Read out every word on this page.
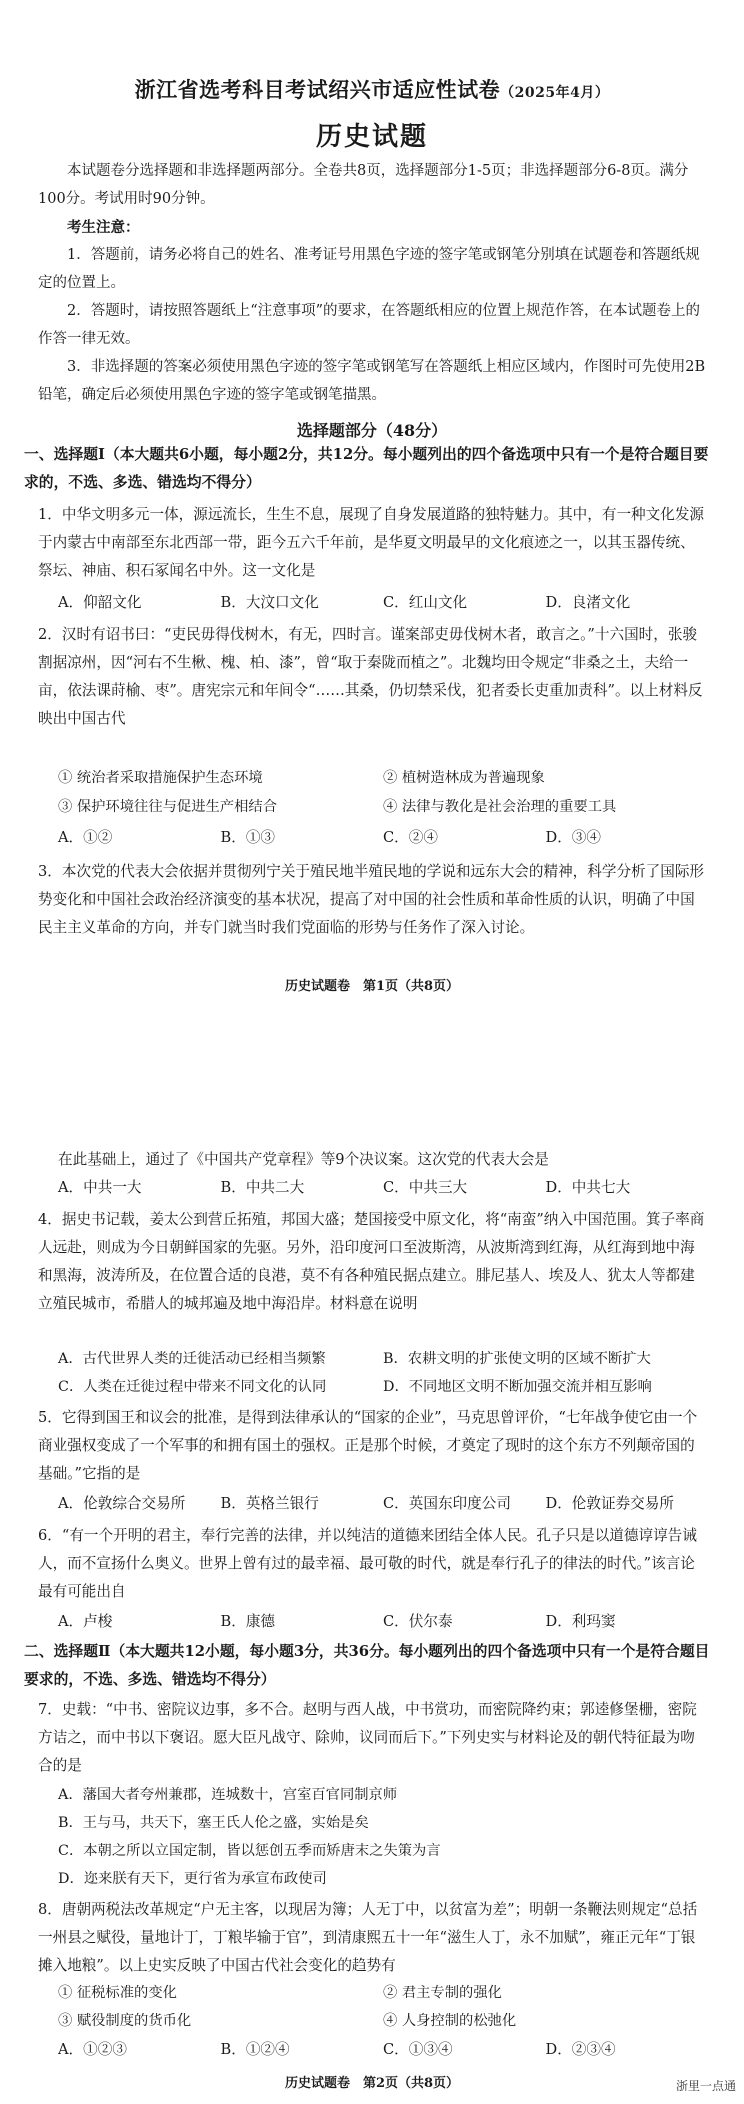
浙江省选考科目考试绍兴市适应性试卷（2025年4月）
历史试题
本试题卷分选择题和非选择题两部分。全卷共8页，选择题部分1-5页；非选择题部分6-8页。满分100分。考试用时90分钟。
考生注意：
1．答题前，请务必将自己的姓名、准考证号用黑色字迹的签字笔或钢笔分别填在试题卷和答题纸规定的位置上。
2．答题时，请按照答题纸上“注意事项”的要求，在答题纸相应的位置上规范作答，在本试题卷上的作答一律无效。
3．非选择题的答案必须使用黑色字迹的签字笔或钢笔写在答题纸上相应区域内，作图时可先使用2B铅笔，确定后必须使用黑色字迹的签字笔或钢笔描黑。
选择题部分（48分）
一、选择题Ⅰ（本大题共6小题，每小题2分，共12分。每小题列出的四个备选项中只有一个是符合题目要求的，不选、多选、错选均不得分）
1．中华文明多元一体，源远流长，生生不息，展现了自身发展道路的独特魅力。其中，有一种文化发源于内蒙古中南部至东北西部一带，距今五六千年前，是华夏文明最早的文化痕迹之一，以其玉器传统、祭坛、神庙、积石冢闻名中外。这一文化是
A．仰韶文化	B．大汶口文化	C．红山文化	D．良渚文化
2．汉时有诏书曰：“吏民毋得伐树木，有无，四时言。谨案部吏毋伐树木者，敢言之。”十六国时，张骏割据凉州，因“河右不生楸、槐、柏、漆”，曾“取于秦陇而植之”。北魏均田令规定“非桑之土，夫给一亩，依法课莳榆、枣”。唐宪宗元和年间令“……其桑，仍切禁采伐，犯者委长吏重加责科”。以上材料反映出中国古代
① 统治者采取措施保护生态环境	② 植树造林成为普遍现象
③ 保护环境往往与促进生产相结合	④ 法律与教化是社会治理的重要工具
A．①②	B．①③	C．②④	D．③④
3．本次党的代表大会依据并贯彻列宁关于殖民地半殖民地的学说和远东大会的精神，科学分析了国际形势变化和中国社会政治经济演变的基本状况，提高了对中国的社会性质和革命性质的认识，明确了中国民主主义革命的方向，并专门就当时我们党面临的形势与任务作了深入讨论。
历史试题卷　第1页（共8页）
在此基础上，通过了《中国共产党章程》等9个决议案。这次党的代表大会是
A．中共一大	B．中共二大	C．中共三大	D．中共七大
4．据史书记载，姜太公到营丘拓殖，邦国大盛；楚国接受中原文化，将“南蛮”纳入中国范围。箕子率商人远赴，则成为今日朝鲜国家的先驱。另外，沿印度河口至波斯湾，从波斯湾到红海，从红海到地中海和黑海，波涛所及，在位置合适的良港，莫不有各种殖民据点建立。腓尼基人、埃及人、犹太人等都建立殖民城市，希腊人的城邦遍及地中海沿岸。材料意在说明
A．古代世界人类的迁徙活动已经相当频繁	B．农耕文明的扩张使文明的区域不断扩大
C．人类在迁徙过程中带来不同文化的认同	D．不同地区文明不断加强交流并相互影响
5．它得到国王和议会的批准，是得到法律承认的“国家的企业”，马克思曾评价，“七年战争使它由一个商业强权变成了一个军事的和拥有国土的强权。正是那个时候，才奠定了现时的这个东方不列颠帝国的基础。”它指的是
A．伦敦综合交易所	B．英格兰银行	C．英国东印度公司	D．伦敦证券交易所
6．“有一个开明的君主，奉行完善的法律，并以纯洁的道德来团结全体人民。孔子只是以道德谆谆告诫人，而不宣扬什么奥义。世界上曾有过的最幸福、最可敬的时代，就是奉行孔子的律法的时代。”该言论最有可能出自
A．卢梭	B．康德	C．伏尔泰	D．利玛窦
二、选择题Ⅱ（本大题共12小题，每小题3分，共36分。每小题列出的四个备选项中只有一个是符合题目要求的，不选、多选、错选均不得分）
7．史载：“中书、密院议边事，多不合。赵明与西人战，中书赏功，而密院降约束；郭逵修堡栅，密院方诘之，而中书以下褒诏。愿大臣凡战守、除帅，议同而后下。”下列史实与材料论及的朝代特征最为吻合的是
A．藩国大者夸州兼郡，连城数十，宫室百官同制京师
B．王与马，共天下，塞王氏人伦之盛，实始是矣
C．本朝之所以立国定制，皆以惩创五季而矫唐末之失策为言
D．迩来朕有天下，更行省为承宣布政使司
8．唐朝两税法改革规定“户无主客，以现居为簿；人无丁中，以贫富为差”；明朝一条鞭法则规定“总括一州县之赋役，量地计丁，丁粮毕输于官”，到清康熙五十一年“滋生人丁，永不加赋”，雍正元年“丁银摊入地粮”。以上史实反映了中国古代社会变化的趋势有
① 征税标准的变化	② 君主专制的强化
③ 赋役制度的货币化	④ 人身控制的松弛化
A．①②③	B．①②④	C．①③④	D．②③④
历史试题卷　第2页（共8页）	浙里一点通
